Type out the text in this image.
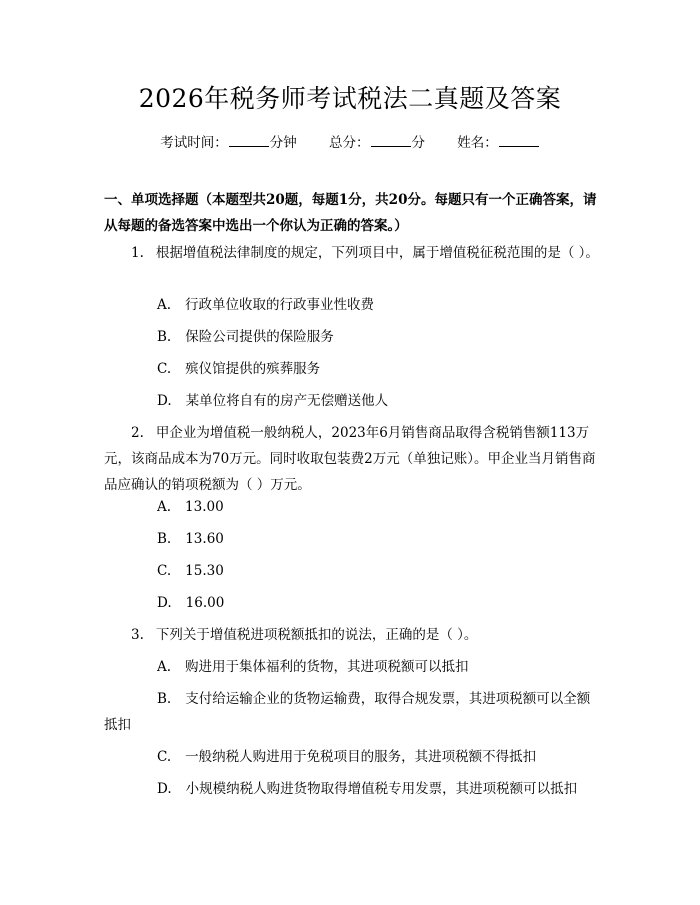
2026年税务师考试税法二真题及答案
考试时间：	分钟 总分：	分 姓名：
一、单项选择题（本题型共20题，每题1分，共20分。每题只有一个正确答案，请从每题的备选答案中选出一个你认为正确的答案。）
1. 根据增值税法律制度的规定，下列项目中，属于增值税征税范围的是（ ）。
A. 行政单位收取的行政事业性收费
B. 保险公司提供的保险服务
C. 殡仪馆提供的殡葬服务
D. 某单位将自有的房产无偿赠送他人
2. 甲企业为增值税一般纳税人，2023年6月销售商品取得含税销售额113万元，该商品成本为70万元。同时收取包装费2万元（单独记账）。甲企业当月销售商品应确认的销项税额为（ ）万元。
A. 13.00
B. 13.60
C. 15.30
D. 16.00
3. 下列关于增值税进项税额抵扣的说法，正确的是（ ）。
A. 购进用于集体福利的货物，其进项税额可以抵扣
B. 支付给运输企业的货物运输费，取得合规发票，其进项税额可以全额抵扣
C. 一般纳税人购进用于免税项目的服务，其进项税额不得抵扣
D. 小规模纳税人购进货物取得增值税专用发票，其进项税额可以抵扣
